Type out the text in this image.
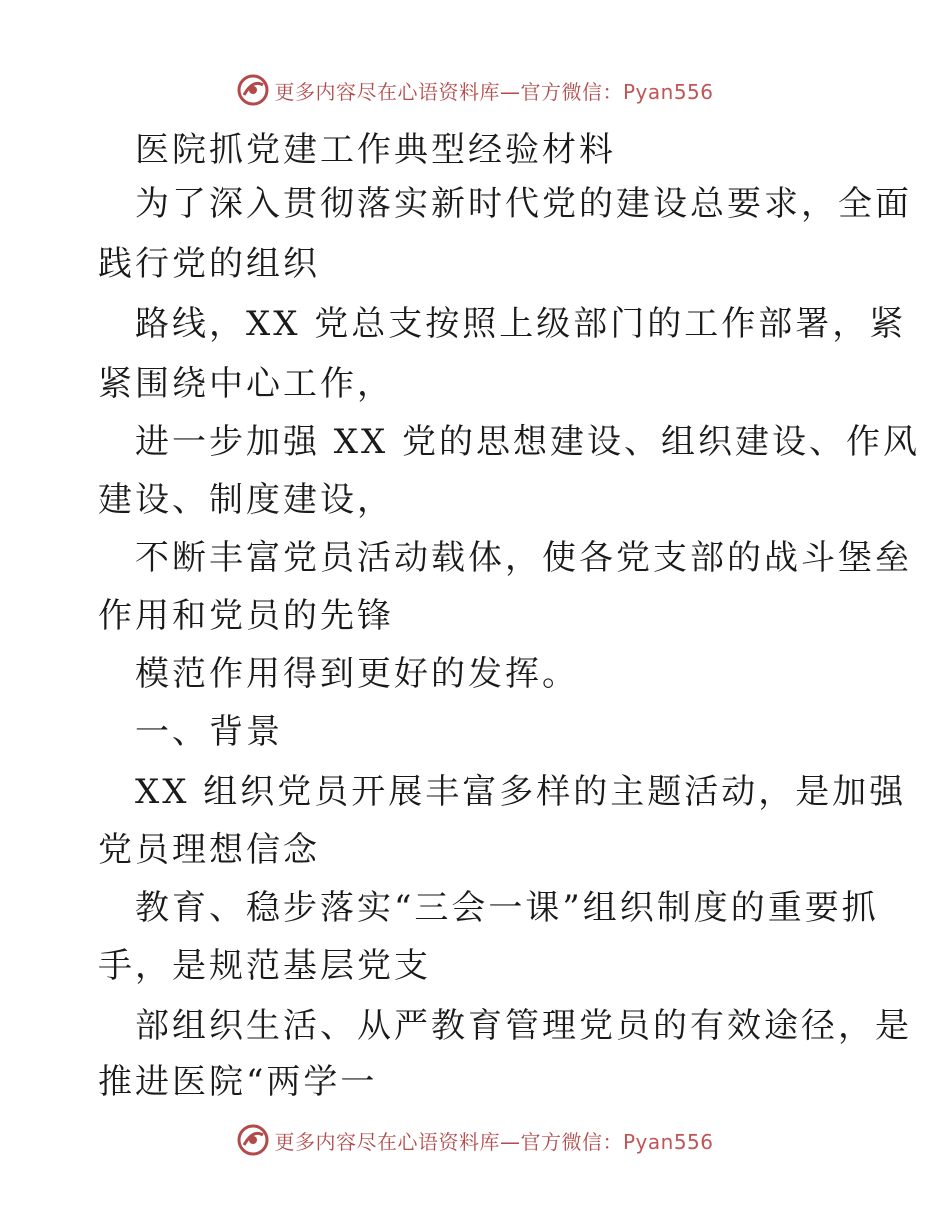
更多内容尽在心语资料库—官方微信：Pyan556
医院抓党建工作典型经验材料
为了深入贯彻落实新时代党的建设总要求，全面
践行党的组织
路线，XX 党总支按照上级部门的工作部署，紧
紧围绕中心工作，
进一步加强 XX 党的思想建设、组织建设、作风
建设、制度建设，
不断丰富党员活动载体，使各党支部的战斗堡垒
作用和党员的先锋
模范作用得到更好的发挥。
一、背景
XX 组织党员开展丰富多样的主题活动，是加强
党员理想信念
教育、稳步落实“三会一课”组织制度的重要抓
手，是规范基层党支
部组织生活、从严教育管理党员的有效途径，是
推进医院“两学一
更多内容尽在心语资料库—官方微信：Pyan556
